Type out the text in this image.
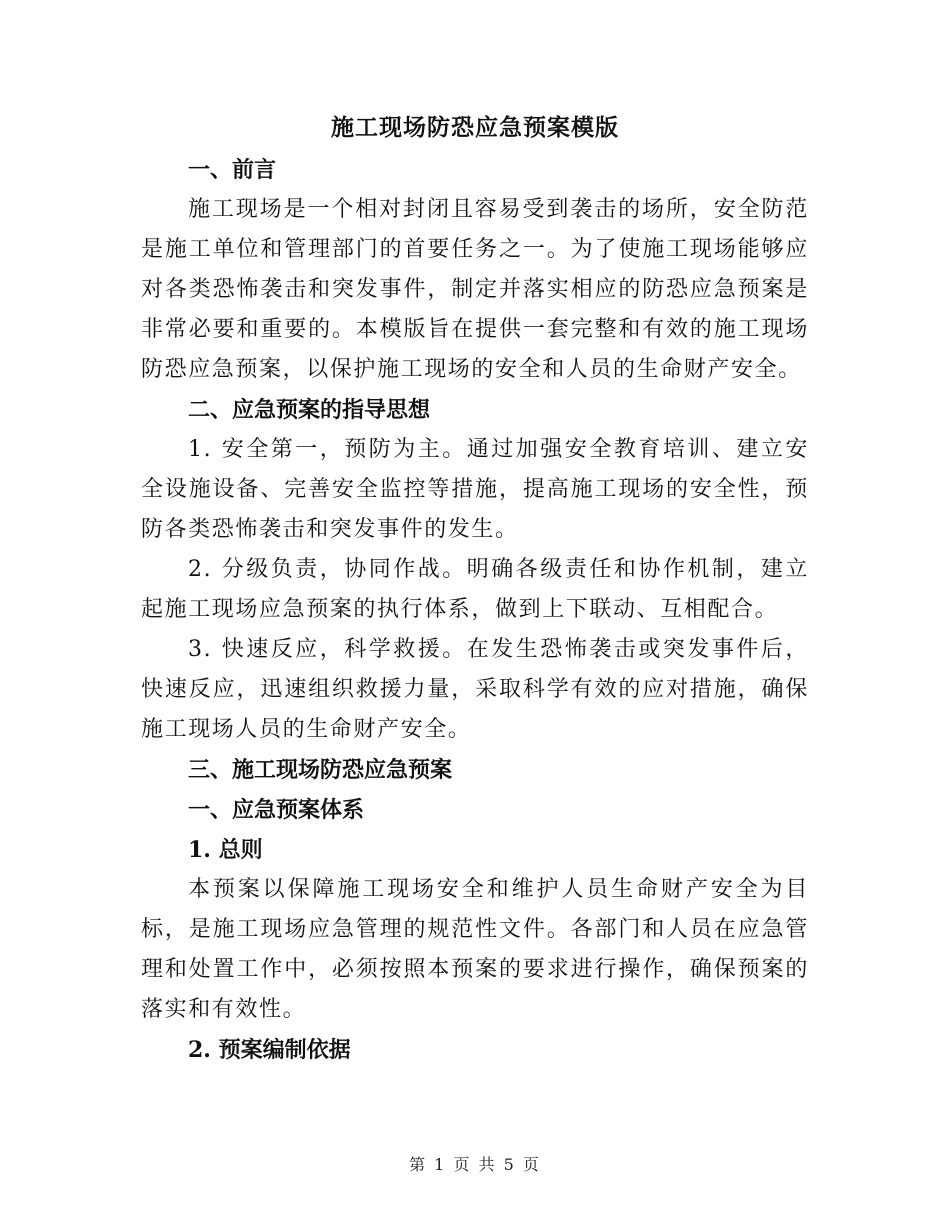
施工现场防恐应急预案模版
一、前言
施工现场是一个相对封闭且容易受到袭击的场所，安全防范是施工单位和管理部门的首要任务之一。为了使施工现场能够应对各类恐怖袭击和突发事件，制定并落实相应的防恐应急预案是非常必要和重要的。本模版旨在提供一套完整和有效的施工现场防恐应急预案，以保护施工现场的安全和人员的生命财产安全。
二、应急预案的指导思想
1. 安全第一，预防为主。通过加强安全教育培训、建立安全设施设备、完善安全监控等措施，提高施工现场的安全性，预防各类恐怖袭击和突发事件的发生。
2. 分级负责，协同作战。明确各级责任和协作机制，建立起施工现场应急预案的执行体系，做到上下联动、互相配合。
3. 快速反应，科学救援。在发生恐怖袭击或突发事件后，快速反应，迅速组织救援力量，采取科学有效的应对措施，确保施工现场人员的生命财产安全。
三、施工现场防恐应急预案
一、应急预案体系
1. 总则
本预案以保障施工现场安全和维护人员生命财产安全为目标，是施工现场应急管理的规范性文件。各部门和人员在应急管理和处置工作中，必须按照本预案的要求进行操作，确保预案的落实和有效性。
2. 预案编制依据
第 1 页 共 5 页
